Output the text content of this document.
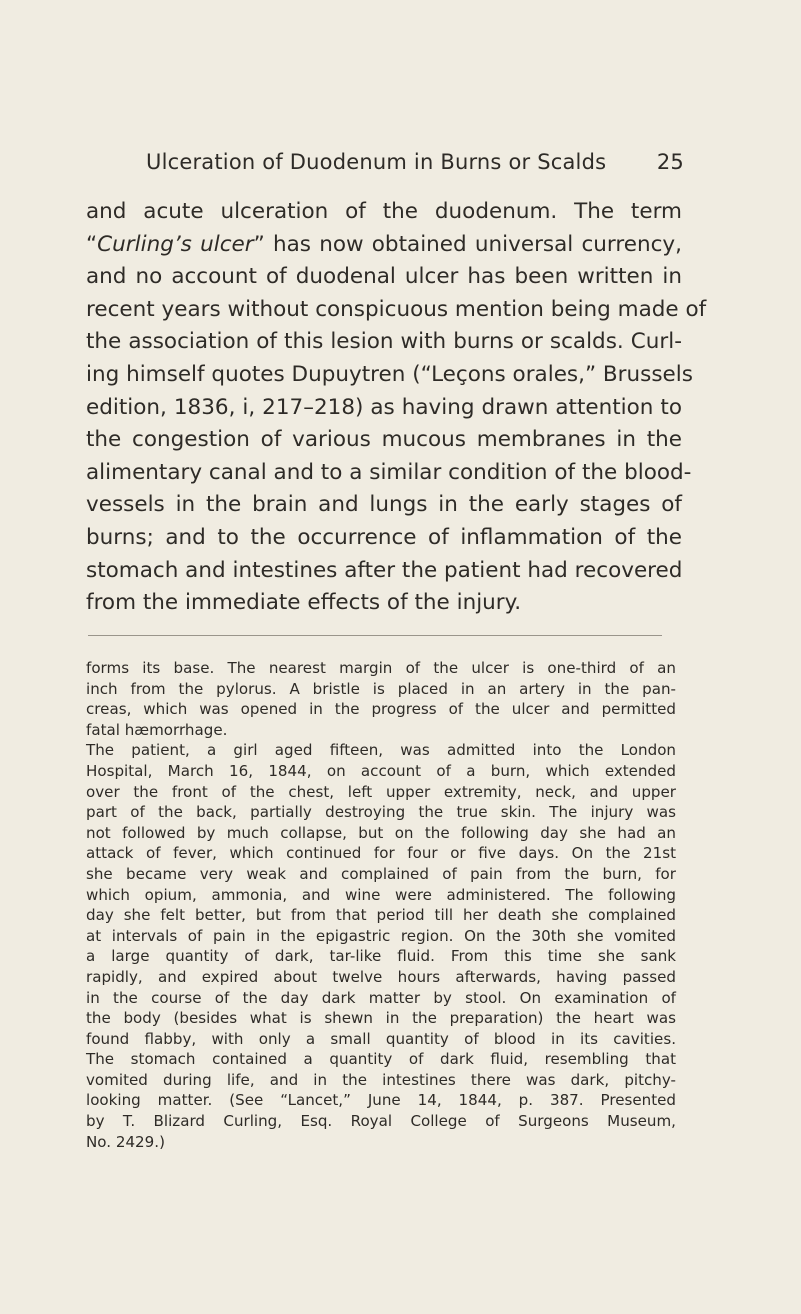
Ulceration of Duodenum in Burns or Scalds 25
and acute ulceration of the duodenum. The term
“Curling’s ulcer” has now obtained universal currency,
and no account of duodenal ulcer has been written in
recent years without conspicuous mention being made of
the association of this lesion with burns or scalds. Curl-
ing himself quotes Dupuytren (“Leçons orales,” Brussels
edition, 1836, i, 217–218) as having drawn attention to
the congestion of various mucous membranes in the
alimentary canal and to a similar condition of the blood-
vessels in the brain and lungs in the early stages of
burns; and to the occurrence of inflammation of the
stomach and intestines after the patient had recovered
from the immediate effects of the injury.
forms its base. The nearest margin of the ulcer is one-third of an
inch from the pylorus. A bristle is placed in an artery in the pan-
creas, which was opened in the progress of the ulcer and permitted
fatal hæmorrhage.
The patient, a girl aged fifteen, was admitted into the London
Hospital, March 16, 1844, on account of a burn, which extended
over the front of the chest, left upper extremity, neck, and upper
part of the back, partially destroying the true skin. The injury was
not followed by much collapse, but on the following day she had an
attack of fever, which continued for four or five days. On the 21st
she became very weak and complained of pain from the burn, for
which opium, ammonia, and wine were administered. The following
day she felt better, but from that period till her death she complained
at intervals of pain in the epigastric region. On the 30th she vomited
a large quantity of dark, tar-like fluid. From this time she sank
rapidly, and expired about twelve hours afterwards, having passed
in the course of the day dark matter by stool. On examination of
the body (besides what is shewn in the preparation) the heart was
found flabby, with only a small quantity of blood in its cavities.
The stomach contained a quantity of dark fluid, resembling that
vomited during life, and in the intestines there was dark, pitchy-
looking matter. (See “Lancet,” June 14, 1844, p. 387. Presented
by T. Blizard Curling, Esq. Royal College of Surgeons Museum,
No. 2429.)
